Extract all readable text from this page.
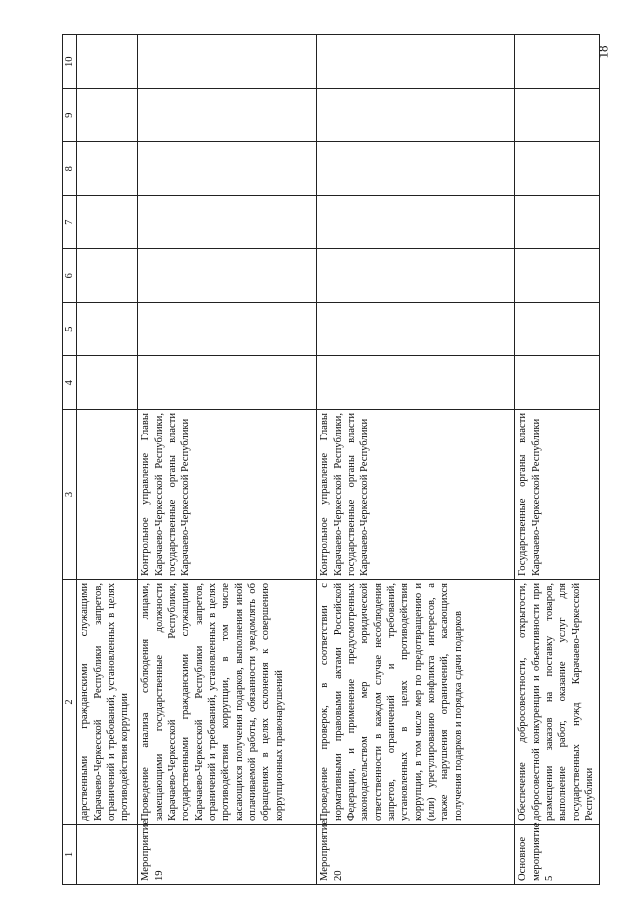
18
1	2	3	4	5	6	7	8	9	10
	дарственными гражданскими служащими Карачаево-Черкесской Республики запретов, ограничений и требований, установленных в целях противодействия коррупции								
Мероприятие 19	Проведение анализа соблюдения лицами, замещающими государственные должности Карачаево-Черкесской Республики, государственными гражданскими служащими Карачаево-Черкесской Республики запретов, ограничений и требований, установленных в целях противодействия коррупции, в том числе касающихся получения подарков, выполнения иной оплачиваемой работы, обязанности уведомлять об обращениях в целях склонения к совершению коррупционных правонарушений	Контрольное управление Главы Карачаево-Черкесской Республики, государственные органы власти Карачаево-Черкесской Республики							
Мероприятие 20	Проведение проверок, в соответствии с нормативными правовыми актами Российской Федерации, и применение предусмотренных законодательством мер юридической ответственности в каждом случае несоблюдения запретов, ограничений и требований, установленных в целях противодействия коррупции, в том числе мер по предотвращению и (или) урегулированию конфликта интересов, а также нарушения ограничений, касающихся получения подарков и порядка сдачи подарков	Контрольное управление Главы Карачаево-Черкесской Республики, государственные органы власти Карачаево-Черкесской Республики							
Основное мероприятие 5	Обеспечение добросовестности, открытости, добросовестной конкуренции и объективности при размещении заказов на поставку товаров, выполнение работ, оказание услуг для государственных нужд Карачаево-Черкесской Республики	Государственные органы власти Карачаево-Черкесской Республики							
